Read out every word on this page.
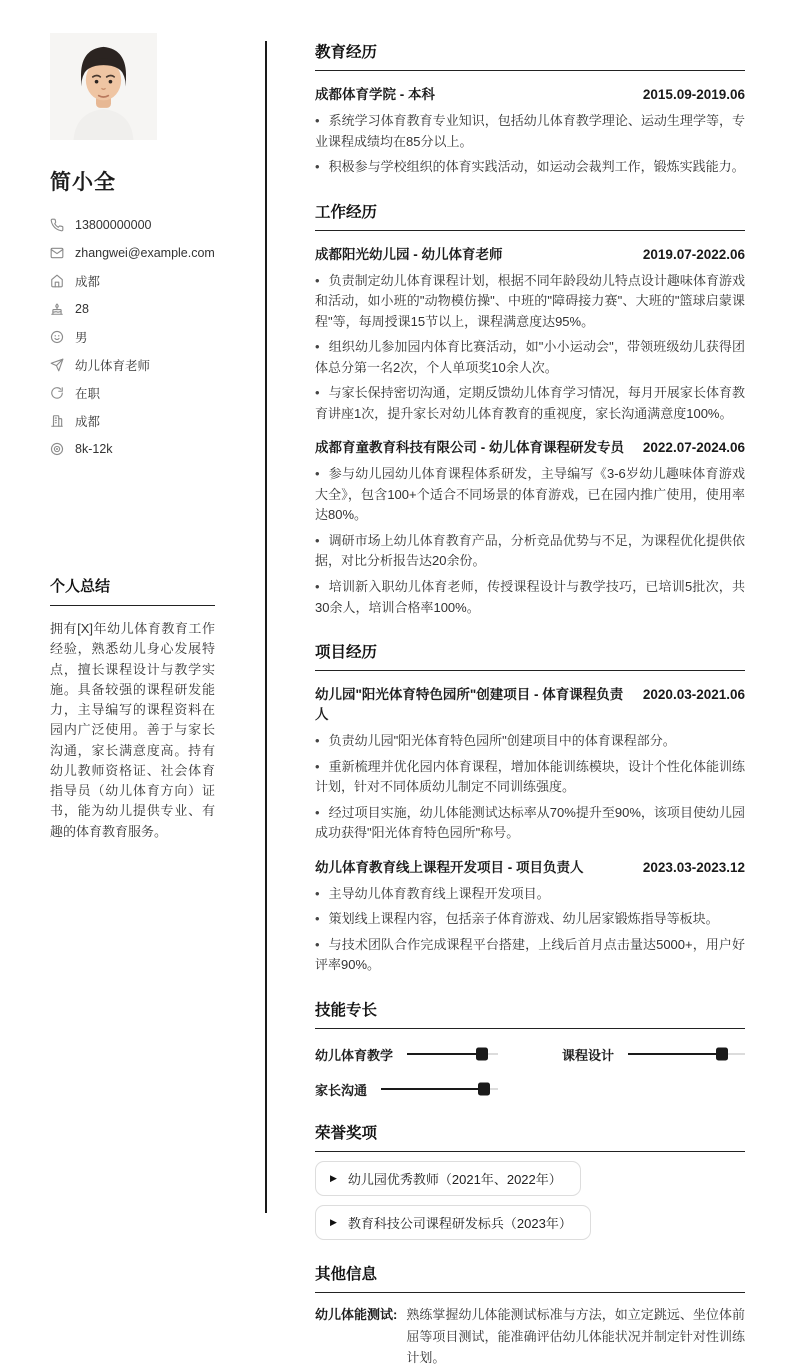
简小全
13800000000
zhangwei@example.com
成都
28
男
幼儿体育老师
在职
成都
8k-12k
个人总结

拥有[X]年幼儿体育教育工作经验，熟悉幼儿身心发展特点，擅长课程设计与教学实施。具备较强的课程研发能力，主导编写的课程资料在园内广泛使用。善于与家长沟通，家长满意度高。持有幼儿教师资格证、社会体育指导员（幼儿体育方向）证书，能为幼儿提供专业、有趣的体育教育服务。

教育经历
成都体育学院 - 本科	2015.09-2019.06

• 系统学习体育教育专业知识，包括幼儿体育教学理论、运动生理学等，专业课程成绩均在85分以上。

• 积极参与学校组织的体育实践活动，如运动会裁判工作，锻炼实践能力。

工作经历
成都阳光幼儿园 - 幼儿体育老师	2019.07-2022.06

• 负责制定幼儿体育课程计划，根据不同年龄段幼儿特点设计趣味体育游戏和活动，如小班的"动物模仿操"、中班的"障碍接力赛"、大班的"篮球启蒙课程"等，每周授课15节以上，课程满意度达95%。

• 组织幼儿参加园内体育比赛活动，如"小小运动会"，带领班级幼儿获得团体总分第一名2次，个人单项奖10余人次。

• 与家长保持密切沟通，定期反馈幼儿体育学习情况，每月开展家长体育教育讲座1次，提升家长对幼儿体育教育的重视度，家长沟通满意度100%。

成都育童教育科技有限公司 - 幼儿体育课程研发专员	2022.07-2024.06

• 参与幼儿园幼儿体育课程体系研发，主导编写《3-6岁幼儿趣味体育游戏大全》，包含100+个适合不同场景的体育游戏，已在园内推广使用，使用率达80%。

• 调研市场上幼儿体育教育产品，分析竞品优势与不足，为课程优化提供依据，对比分析报告达20余份。

• 培训新入职幼儿体育老师，传授课程设计与教学技巧，已培训5批次，共30余人，培训合格率100%。

项目经历
幼儿园"阳光体育特色园所"创建项目 - 体育课程负责人
2020.03-2021.06

• 负责幼儿园"阳光体育特色园所"创建项目中的体育课程部分。

• 重新梳理并优化园内体育课程，增加体能训练模块，设计个性化体能训练计划，针对不同体质幼儿制定不同训练强度。

• 经过项目实施，幼儿体能测试达标率从70%提升至90%，该项目使幼儿园成功获得"阳光体育特色园所"称号。

幼儿体育教育线上课程开发项目 - 项目负责人	2023.03-2023.12

• 主导幼儿体育教育线上课程开发项目。

• 策划线上课程内容，包括亲子体育游戏、幼儿居家锻炼指导等板块。

• 与技术团队合作完成课程平台搭建，上线后首月点击量达5000+，用户好评率90%。

技能专长
幼儿体育教学	课程设计
家长沟通
荣誉奖项
▶ 幼儿园优秀教师（2021年、2022年）
▶ 教育科技公司课程研发标兵（2023年）
其他信息
幼儿体能测试: 熟练掌握幼儿体能测试标准与方法，如立定跳远、坐位体前屈等项目测试，能准确评估幼儿体能状况并制定针对性训练计划。
